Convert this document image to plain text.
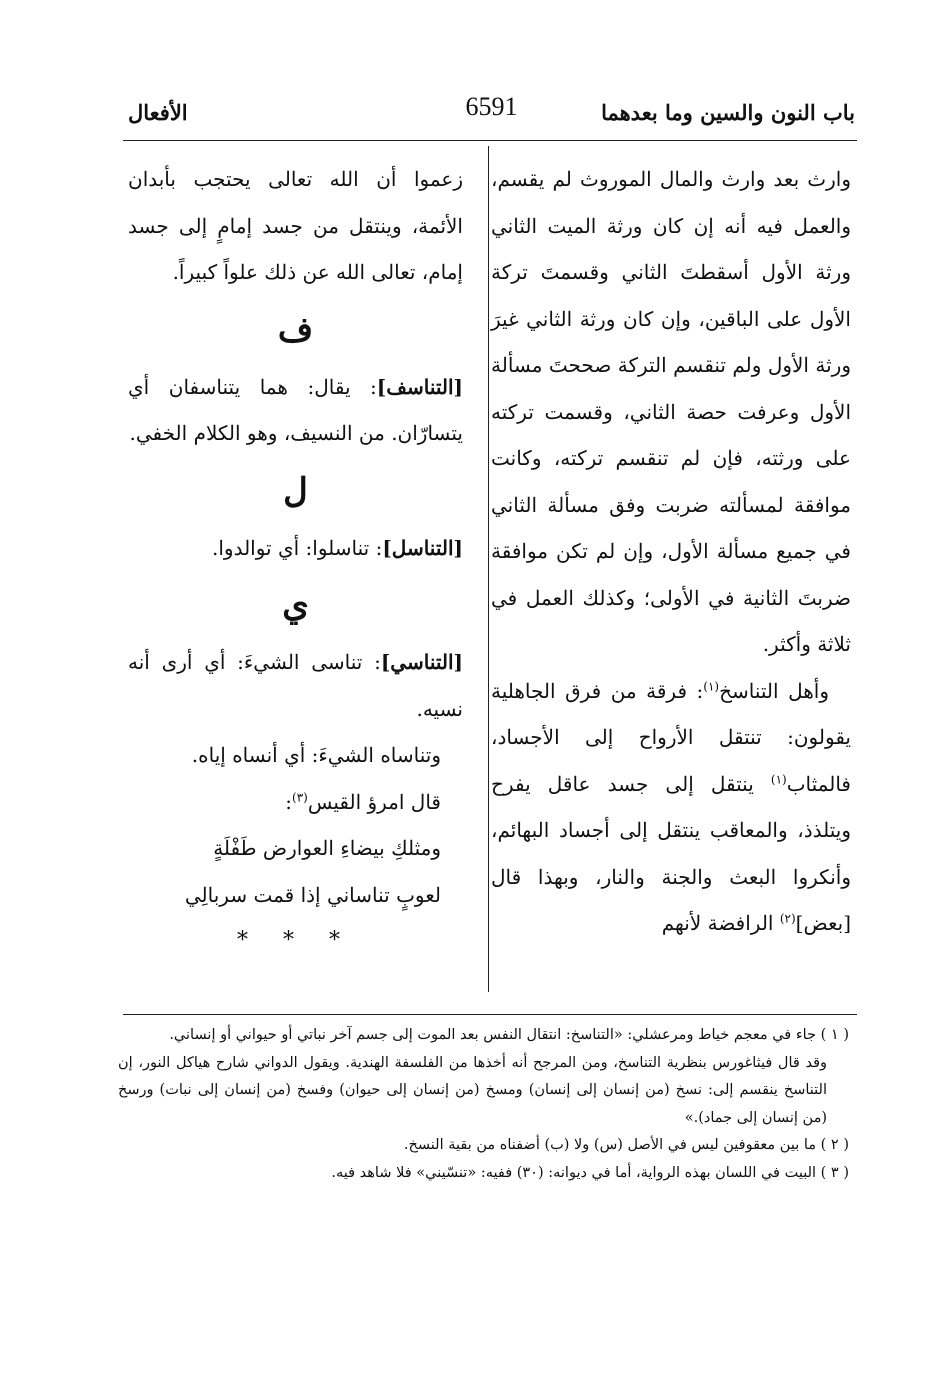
باب النون والسين وما بعدهما
6591
الأفعال

وارث بعد وارث والمال الموروث لم يقسم، والعمل فيه أنه إن كان ورثة الميت الثاني ورثة الأول أسقطتَ الثاني وقسمتَ تركة الأول على الباقين، وإن كان ورثة الثاني غيرَ ورثة الأول ولم تنقسم التركة صححتَ مسألة الأول وعرفت حصة الثاني، وقسمت تركته على ورثته، فإن لم تنقسم تركته، وكانت موافقة لمسألته ضربت وفق مسألة الثاني في جميع مسألة الأول، وإن لم تكن موافقة ضربتَ الثانية في الأولى؛ وكذلك العمل في ثلاثة وأكثر.

وأهل التناسخ$^{(١)}$: فرقة من فرق الجاهلية يقولون: تنتقل الأرواح إلى الأجساد، فالمثاب$^{(١)}$ ينتقل إلى جسد عاقل يفرح ويتلذذ، والمعاقب ينتقل إلى أجساد البهائم، وأنكروا البعث والجنة والنار، وبهذا قال [بعض]$^{(٢)}$ الرافضة لأنهم

زعموا أن الله تعالى يحتجب بأبدان الأئمة، وينتقل من جسد إمامٍ إلى جسد إمام، تعالى الله عن ذلك علواً كبيراً.

ف

[التناسف]: يقال: هما يتناسفان أي يتسارّان. من النسيف، وهو الكلام الخفي.

ل

[التناسل]: تناسلوا: أي توالدوا.

ي

[التناسي]: تناسى الشيءَ: أي أرى أنه نسيه.

وتناساه الشيءَ: أي أنساه إياه.

قال امرؤ القيس$^{(٣)}$:

ومثلكِ بيضاءِ العوارض طَفْلَةٍ

لعوبٍ تناساني إذا قمت سربالِي

* * *

( ١ ) جاء في معجم خياط ومرعشلي: «التناسخ: انتقال النفس بعد الموت إلى جسم آخر نباتي أو حيواني أو إنساني.

وقد قال فيثاغورس بنظرية التناسخ، ومن المرجح أنه أخذها من الفلسفة الهندية. ويقول الدواني شارح هياكل النور، إن التناسخ ينقسم إلى: نسخ (من إنسان إلى إنسان) ومسخ (من إنسان إلى حيوان) وفسخ (من إنسان إلى نبات) ورسخ (من إنسان إلى جماد).»

( ٢ ) ما بين معقوفين ليس في الأصل (س) ولا (ب) أضفناه من بقية النسخ.

( ٣ ) البيت في اللسان بهذه الرواية، أما في ديوانه: (٣٠) ففيه: «تنسّيني» فلا شاهد فيه.
